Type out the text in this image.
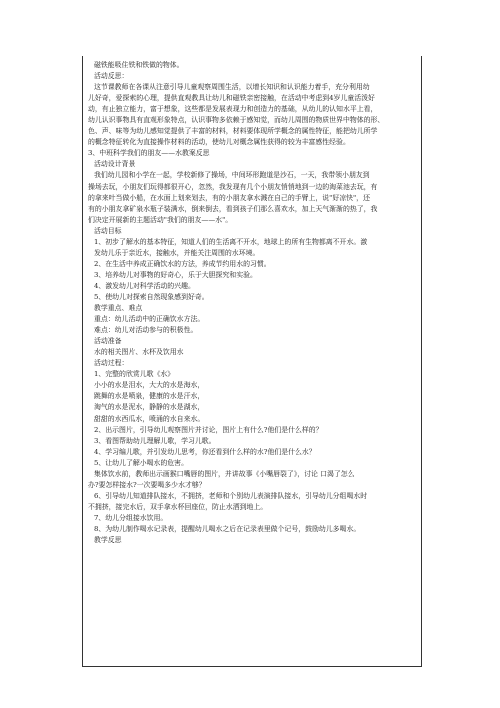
磁铁能吸住铁和铁做的物体。
活动反思：
这节课教师在各课从注意引导儿童观察周围生活，以增长知识和认识能力着手，充分利用幼
儿好奇，爱探索的心理，提供直观教具让幼儿和磁铁亲密接触，在活动中考虑到4岁儿童活泼好
动，有止独立能力，富于想象，这些都是发展表现力和创造力的基础，从幼儿的认知水平上看，
幼儿认识事物具有直观形象特点，认识事物多依赖于感知觉，而幼儿周围的物质世界中物体的形、
色、声、味等为幼儿感知觉提供了丰富的材料，材料要体现所学概念的属性特征，能把幼儿所学
的概念特征转化为直接操作材料的活动，使幼儿对概念属性获得的较为丰富感性经验。
3、中班科学我们的朋友——水教案反思
活动设计背景
我们幼儿园和小学在一起，学校新修了操场，中间环形跑道是沙石，一天，我带领小朋友到
操场去玩，小朋友们玩得都很开心，忽然，我发现有几个小朋友悄悄地到一边的淘菜池去玩，有
的拿来叶当做小船，在水面上划来划去，有的小朋友拿水溅在自己的手臂上，说"好凉快"，还
有的小朋友拿矿泉水瓶子装满水，倒来倒去，看到孩子们那么喜欢水，加上天气渐渐的热了，我
们决定开展新的主题活动"我们的朋友——水"。
活动目标
1、初步了解水的基本特征，知道人们的生活离不开水，地球上的所有生物都离不开水。激
发幼儿乐于亲近水，接触水，并能关注周围的水环境。
2、在生活中养成正确饮水的方法，养成节约用水的习惯。
3、培养幼儿对事物的好奇心，乐于大胆探究和实验。
4、激发幼儿对科学活动的兴趣。
5、使幼儿对探索自然现象感到好奇。
教学重点、难点
重点：幼儿活动中的正确饮水方法。
难点：幼儿对活动参与的积极性。
活动准备
水的相关图片、水杯及饮用水
活动过程：
1、完整的欣赏儿歌《水》
小小的水是泪水，大大的水是海水，
跳舞的水是喷泉，健康的水是汗水，
淘气的水是泥水，静静的水是湖水，
甜甜的水西瓜水，喷涌的水自来水。
2、出示图片，引导幼儿观察图片并讨论，图片上有什么?他们是什么样的？
3、看图帮助幼儿理解儿歌，学习儿歌。
4、学习编儿歌，并引发幼儿思考，你还看到什么样的水?他们是什么水？
5、让幼儿了解小喝水的危害。
集体饮水前，教师出示画猴口嘴唇的图片，并讲故事《小嘴唇裂了》，讨论 口渴了怎么
办?要怎样接水?一次要喝多少水才够？
6、引导幼儿知道排队接水，不拥挤，老师和个别幼儿表演排队接水，引导幼儿分组喝水时
不拥挤，接完水后，双手拿水杯回座位，防止水洒到地上。
7、幼儿分组接水饮用。
8、为幼儿制作喝水记录表，提醒幼儿喝水之后在记录表里做个记号，鼓励幼儿多喝水。
教学反思
